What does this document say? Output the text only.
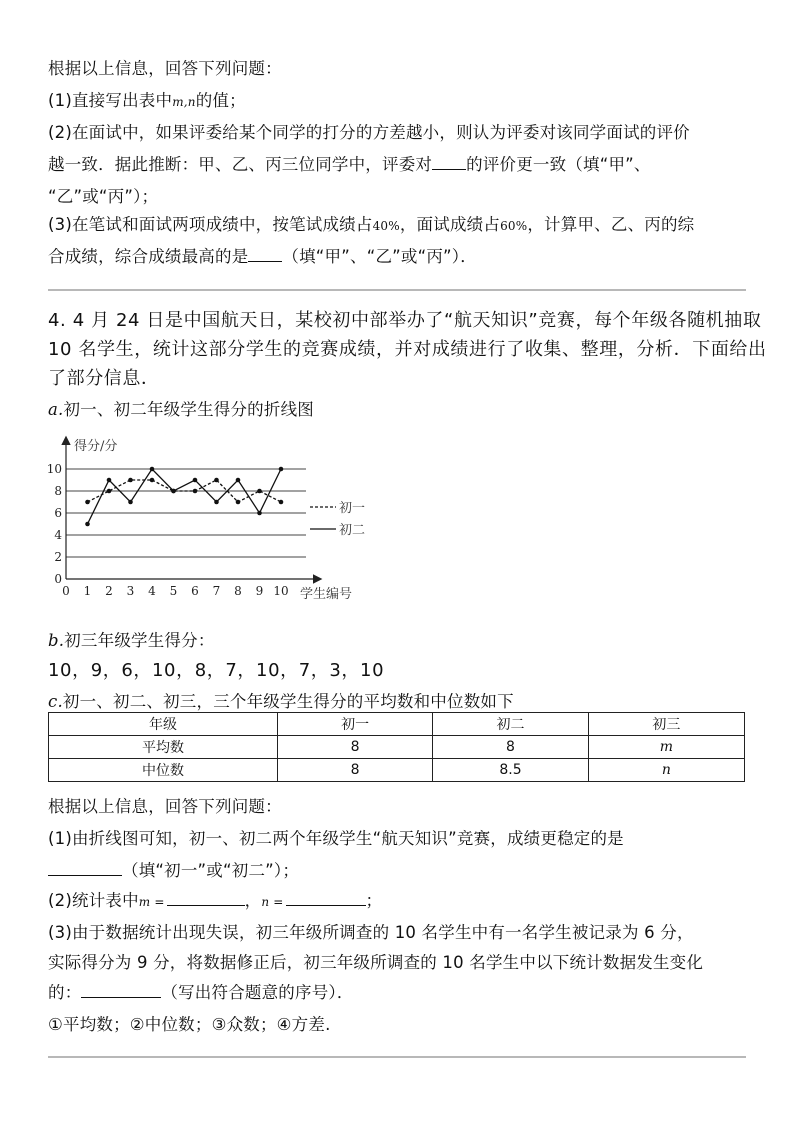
根据以上信息，回答下列问题：
(1)直接写出表中m,n的值；
(2)在面试中，如果评委给某个同学的打分的方差越小，则认为评委对该同学面试的评价
越一致．据此推断：甲、乙、丙三位同学中，评委对 的评价更一致（填“甲”、
“乙”或“丙”）；
(3)在笔试和面试两项成绩中，按笔试成绩占40%，面试成绩占60%，计算甲、乙、丙的综
合成绩，综合成绩最高的是 （填“甲”、“乙”或“丙”）．
4. 4 月 24 日是中国航天日，某校初中部举办了“航天知识”竞赛，每个年级各随机抽取
10 名学生，统计这部分学生的竞赛成绩，并对成绩进行了收集、整理，分析．下面给出
了部分信息．
a.初一、初二年级学生得分的折线图
得分/分
学生编号
0
2
4
6
8
10
0 1 2 3 4 5 6 7 8 9 10
初一
初二
b.初三年级学生得分：
10，9，6，10，8，7，10，7，3，10
c.初一、初二、初三，三个年级学生得分的平均数和中位数如下
年级	初一	初二	初三
平均数	8	8	m
中位数	8	8.5	n
根据以上信息，回答下列问题：
(1)由折线图可知，初一、初二两个年级学生“航天知识”竞赛，成绩更稳定的是
（填“初一”或“初二”）；
(2)统计表中m =	，n =	；
(3)由于数据统计出现失误，初三年级所调查的 10 名学生中有一名学生被记录为 6 分，
实际得分为 9 分，将数据修正后，初三年级所调查的 10 名学生中以下统计数据发生变化
的：	（写出符合题意的序号）．
①平均数；②中位数；③众数；④方差.
